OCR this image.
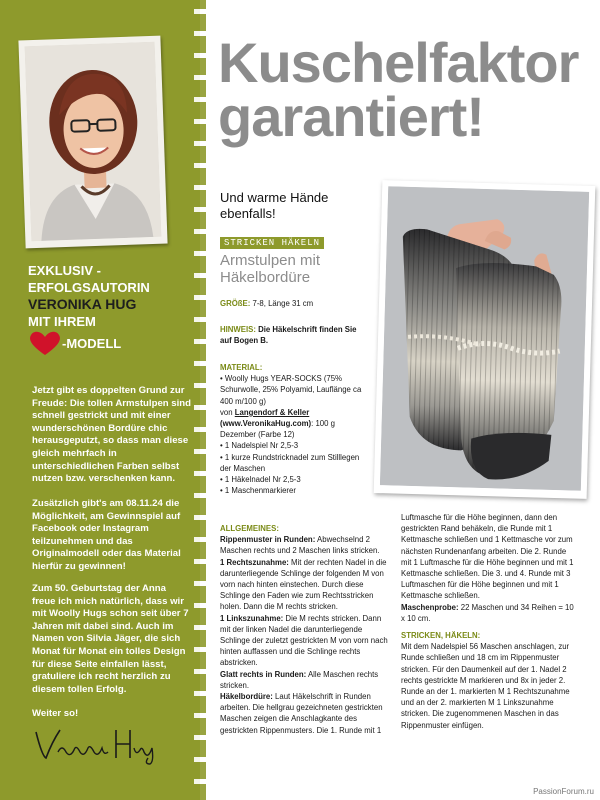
EXKLUSIV -
ERFOLGSAUTORIN
VERONIKA HUG
MIT IHREM
-MODELL
Jetzt gibt es doppelten Grund zur Freude: Die tollen Armstulpen sind schnell gestrickt und mit einer wunderschönen Bordüre chic herausgeputzt, so dass man diese gleich mehrfach in unterschiedlichen Farben selbst nutzen bzw. verschenken kann.
Zusätzlich gibt's am 08.11.24 die Möglichkeit, am Gewinnspiel auf Facebook oder Instagram teilzunehmen und das Originalmodell oder das Material hierfür zu gewinnen!
Zum 50. Geburtstag der Anna freue ich mich natürlich, dass wir mit Woolly Hugs schon seit über 7 Jahren mit dabei sind. Auch im Namen von Silvia Jäger, die sich Monat für Monat ein tolles Design für diese Seite einfallen lässt, gratuliere ich recht herzlich zu diesem tollen Erfolg.
Weiter so!
Kuschelfaktor
garantiert!
Und warme Hände
ebenfalls!
STRICKEN HÄKELN
Armstulpen mit
Häkelbordüre
GRÖßE: 7-8, Länge 31 cm
HINWEIS: Die Häkelschrift finden Sie auf Bogen B.
MATERIAL:
• Woolly Hugs YEAR-SOCKS (75% Schurwolle, 25% Polyamid, Lauflänge ca 400 m/100 g)
von Langendorf & Keller
(www.VeronikaHug.com): 100 g Dezember (Farbe 12)
• 1 Nadelspiel Nr 2,5-3
• 1 kurze Rundstricknadel zum Stilllegen der Maschen
• 1 Häkelnadel Nr 2,5-3
• 1 Maschenmarkierer
ALLGEMEINES:
Rippenmuster in Runden: Abwechselnd 2 Maschen rechts und 2 Maschen links stricken.
1 Rechtszunahme: Mit der rechten Nadel in die darunterliegende Schlinge der folgenden M von vorn nach hinten einstechen. Durch diese Schlinge den Faden wie zum Rechtsstricken holen. Dann die M rechts stricken.
1 Linkszunahme: Die M rechts stricken. Dann mit der linken Nadel die darunterliegende Schlinge der zuletzt gestrickten M von vorn nach hinten auffassen und die Schlinge rechts abstricken.
Glatt rechts in Runden: Alle Maschen rechts stricken.
Häkelbordüre: Laut Häkelschrift in Runden arbeiten. Die hellgrau gezeichneten gestrickten Maschen zeigen die Anschlagkante des gestrickten Rippenmusters. Die 1. Runde mit 1
Luftmasche für die Höhe beginnen, dann den gestrickten Rand behäkeln, die Runde mit 1 Kettmasche schließen und 1 Kettmasche vor zum nächsten Rundenanfang arbeiten. Die 2. Runde mit 1 Luftmasche für die Höhe beginnen und mit 1 Kettmasche schließen. Die 3. und 4. Runde mit 3 Luftmaschen für die Höhe beginnen und mit 1 Kettmasche schließen.
Maschenprobe: 22 Maschen und 34 Reihen = 10 x 10 cm.
STRICKEN, HÄKELN:
Mit dem Nadelspiel 56 Maschen anschlagen, zur Runde schließen und 18 cm im Rippenmuster stricken. Für den Daumenkeil auf der 1. Nadel 2 rechts gestrickte M markieren und 8x in jeder 2. Runde an der 1. markierten M 1 Rechtszunahme und an der 2. markierten M 1 Linkszunahme stricken. Die zugenommenen Maschen in das Rippenmuster einfügen.
PassionForum.ru
